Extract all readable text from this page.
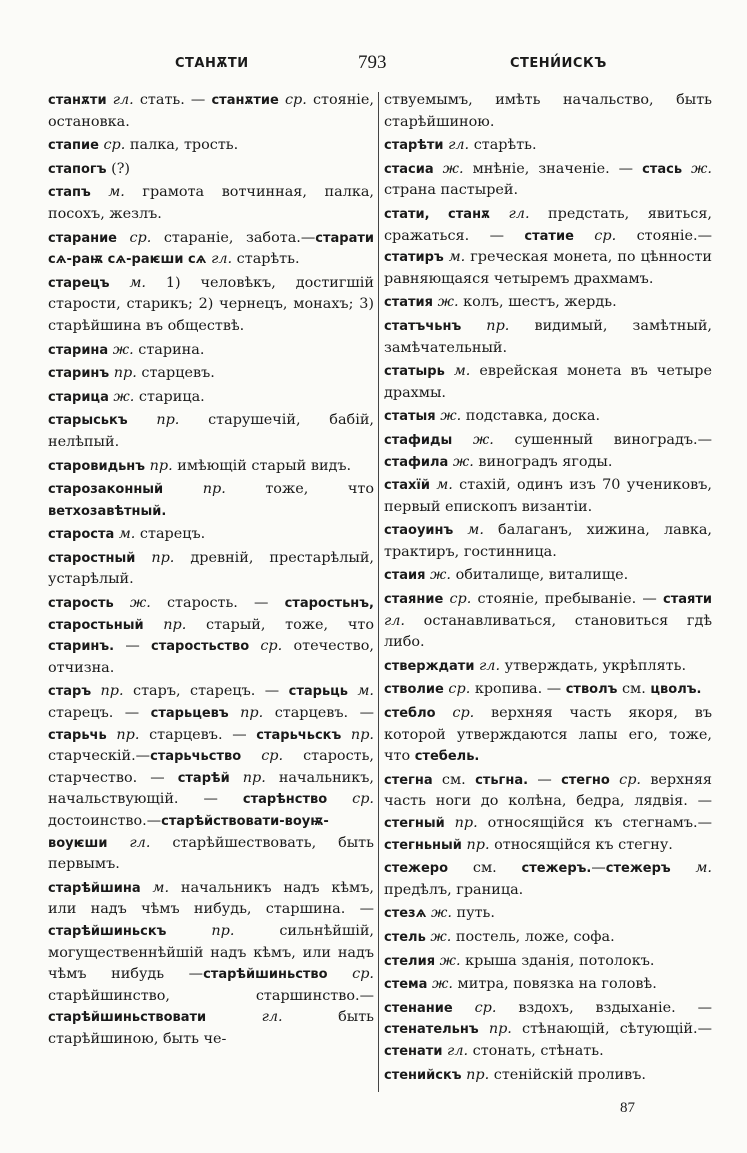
СТАНѪТИ	793	СТЕНИ́ИСКЪ
станѫти гл. стать. — станѫтие ср. стояніе, остановка.
стапие ср. палка, трость.
стапогъ (?)
стапъ м. грамота вотчинная, палка, посохъ, жезлъ.
старание ср. стараніе, забота.—старати сѧ-раѭ сѧ-раѥши сѧ гл. старѣть.
старецъ м. 1) человѣкъ, достигшій старости, старикъ; 2) чернецъ, монахъ; 3) старѣйшина въ обществѣ.
старина ж. старина.
старинъ пр. старцевъ.
старица ж. старица.
старыськъ пр. старушечій, бабій, нелѣпый.
старовидьнъ пр. имѣющій старый видъ.
старозаконный пр. тоже, что ветхозавѣтный.
староста м. старецъ.
старостный пр. древній, престарѣлый, устарѣлый.
старость ж. старость. — старостьнъ, старостьный пр. старый, тоже, что старинъ. — старостьство ср. отечество, отчизна.
старъ пр. старъ, старецъ. — старьць м. старецъ. — старьцевъ пр. старцевъ. — старьчь пр. старцевъ. — старьчьскъ пр. старческій.—старьчьство ср. старость, старчество. — старѣй пр. начальникъ, начальствующій. — старѣнство ср. достоинство.—старѣйствовати-воуѭ-воуѥши гл. старѣйшествовать, быть первымъ.
старѣйшина м. начальникъ надъ кѣмъ, или надъ чѣмъ нибудь, старшина. — старѣйшиньскъ пр. сильнѣйшій, могущественнѣйшій надъ кѣмъ, или надъ чѣмъ нибудь —старѣйшиньство ср. старѣйшинство, старшинство.— старѣйшиньствовати гл. быть старѣйшиною, быть че-
ствуемымъ, имѣть начальство, быть старѣйшиною.
старѣти гл. старѣть.
стасиа ж. мнѣніе, значеніе. — стась ж. страна пастырей.
стати, станѫ гл. предстать, явиться, сражаться. — статие ср. стояніе.— статиръ м. греческая монета, по цѣнности равняющаяся четыремъ драхмамъ.
статия ж. колъ, шестъ, жердь.
статъчьнъ пр. видимый, замѣтный, замѣчательный.
статырь м. еврейская монета въ четыре драхмы.
статыя ж. подставка, доска.
стафиды ж. сушенный виноградъ.— стафила ж. виноградъ ягоды.
стахїй м. стахій, одинъ изъ 70 учениковъ, первый епископъ византіи.
стаоуинъ м. балаганъ, хижина, лавка, трактиръ, гостинница.
стаия ж. обиталище, виталище.
стаяние ср. стояніе, пребываніе. — стаяти гл. останавливаться, становиться гдѣ либо.
стверждати гл. утверждать, укрѣплять.
стволие ср. кропива. — стволъ см. цволъ.
стебло ср. верхняя часть якоря, въ которой утверждаются лапы его, тоже, что стебель.
стегна см. стьгна. — стегно ср. верхняя часть ноги до колѣна, бедра, лядвія. — стегный пр. относящійся къ стегнамъ.—стегньный пр. относящійся къ стегну.
стежеро см. стежеръ.—стежеръ м. предѣлъ, граница.
стезѧ ж. путь.
стель ж. постель, ложе, софа.
стелия ж. крыша зданія, потолокъ.
стема ж. митра, повязка на головѣ.
стенание ср. вздохъ, вздыханіе. — стенательнъ пр. стѣнающій, сѣтующій.—стенати гл. стонать, стѣнать.
стенийскъ пр. стенійскій проливъ.
87
